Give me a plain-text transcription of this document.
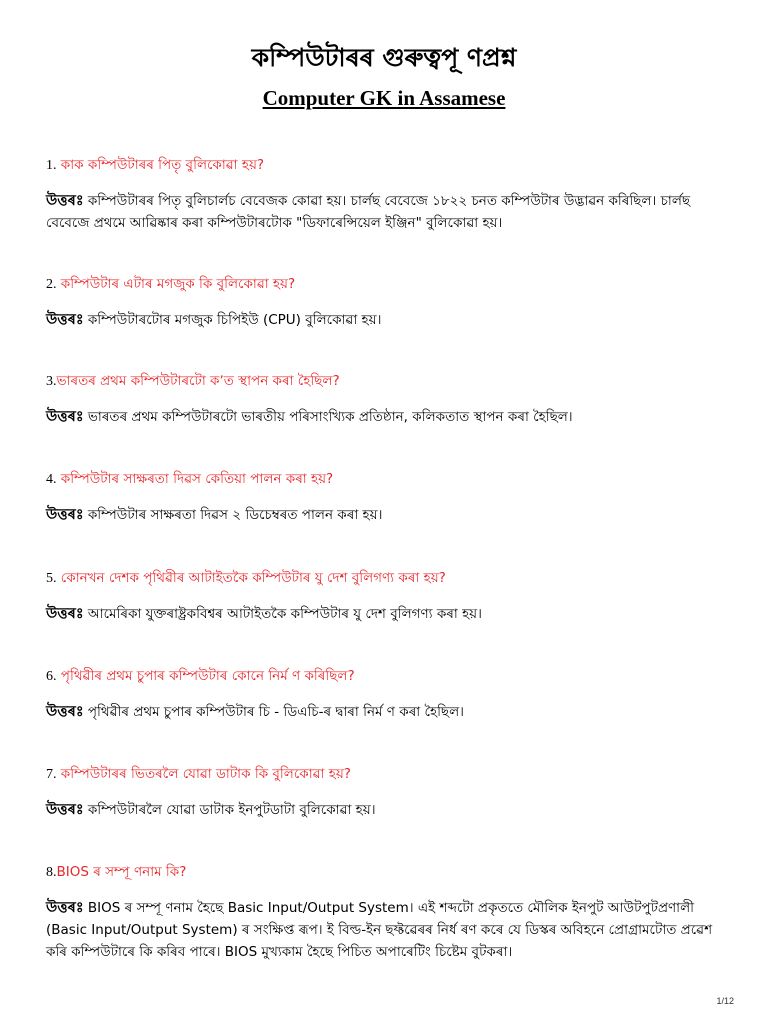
কম্পিউটাৰৰ গুৰুত্বপূ ণপ্ৰশ্ন
Computer GK in Assamese

1. কাক কম্পিউটাৰৰ পিতৃ বুলিকোৱা হয়?

উত্তৰঃ কম্পিউটাৰৰ পিতৃ বুলিচাৰ্লচ বেবেজক কোৱা হয়। চাৰ্লছ বেবেজে ১৮২২ চনত কম্পিউটাৰ উদ্ভাৱন কৰিছিল। চাৰ্লছ বেবেজে প্ৰথমে আৱিষ্কাৰ কৰা কম্পিউটাৰটোক "ডিফাৰেন্সিয়েল ইঞ্জিন" বুলিকোৱা হয়।

2. কম্পিউটাৰ এটাৰ মগজুক কি বুলিকোৱা হয়?

উত্তৰঃ কম্পিউটাৰটোৰ মগজুক চিপিইউ (CPU) বুলিকোৱা হয়।

3.ভাৰতৰ প্ৰথম কম্পিউটাৰটো কʼত স্থাপন কৰা হৈছিল?

উত্তৰঃ ভাৰতৰ প্ৰথম কম্পিউটাৰটো ভাৰতীয় পৰিসাংখ্যিক প্ৰতিষ্ঠান, কলিকতাত স্থাপন কৰা হৈছিল।

4. কম্পিউটাৰ সাক্ষৰতা দিৱস কেতিয়া পালন কৰা হয়?

উত্তৰঃ কম্পিউটাৰ সাক্ষৰতা দিৱস ২ ডিচেম্বৰত পালন কৰা হয়।

5. কোনখন দেশক পৃথিৱীৰ আটাইতকৈ কম্পিউটাৰ যু দেশ বুলিগণ্য কৰা হয়?

উত্তৰঃ আমেৰিকা যুক্তৰাষ্ট্ৰকবিশ্বৰ আটাইতকৈ কম্পিউটাৰ যু দেশ বুলিগণ্য কৰা হয়।

6. পৃথিৱীৰ প্ৰথম চুপাৰ কম্পিউটাৰ কোনে নিৰ্ম ণ কৰিছিল?

উত্তৰঃ পৃথিৱীৰ প্ৰথম চুপাৰ কম্পিউটাৰ চি - ডিএচি-ৰ দ্বাৰা নিৰ্ম ণ কৰা হৈছিল।

7. কম্পিউটাৰৰ ভিতৰলৈ যোৱা ডাটাক কি বুলিকোৱা হয়?

উত্তৰঃ কম্পিউটাৰলৈ যোৱা ডাটাক ইনপুটডাটা বুলিকোৱা হয়।

8.BIOS ৰ সম্পূ ণনাম কি?

উত্তৰঃ BIOS ৰ সম্পূ ণনাম হৈছে Basic Input/Output System। এই শব্দটো প্ৰকৃততে মৌলিক ইনপুট আউটপুটপ্ৰণালী (Basic Input/Output System) ৰ সংক্ষিপ্ত ৰূপ। ই বিল্ড-ইন ছফ্টৱেৰৰ নিৰ্ধ ৰণ কৰে যে ডিস্কৰ অবিহনে প্ৰোগ্ৰামটোত প্ৰৱেশ কৰি কম্পিউটাৰে কি কৰিব পাৰে। BIOS মুখ্যকাম হৈছে পিচিত অপাৰেটিং চিষ্টেম বুটকৰা।

1/12
